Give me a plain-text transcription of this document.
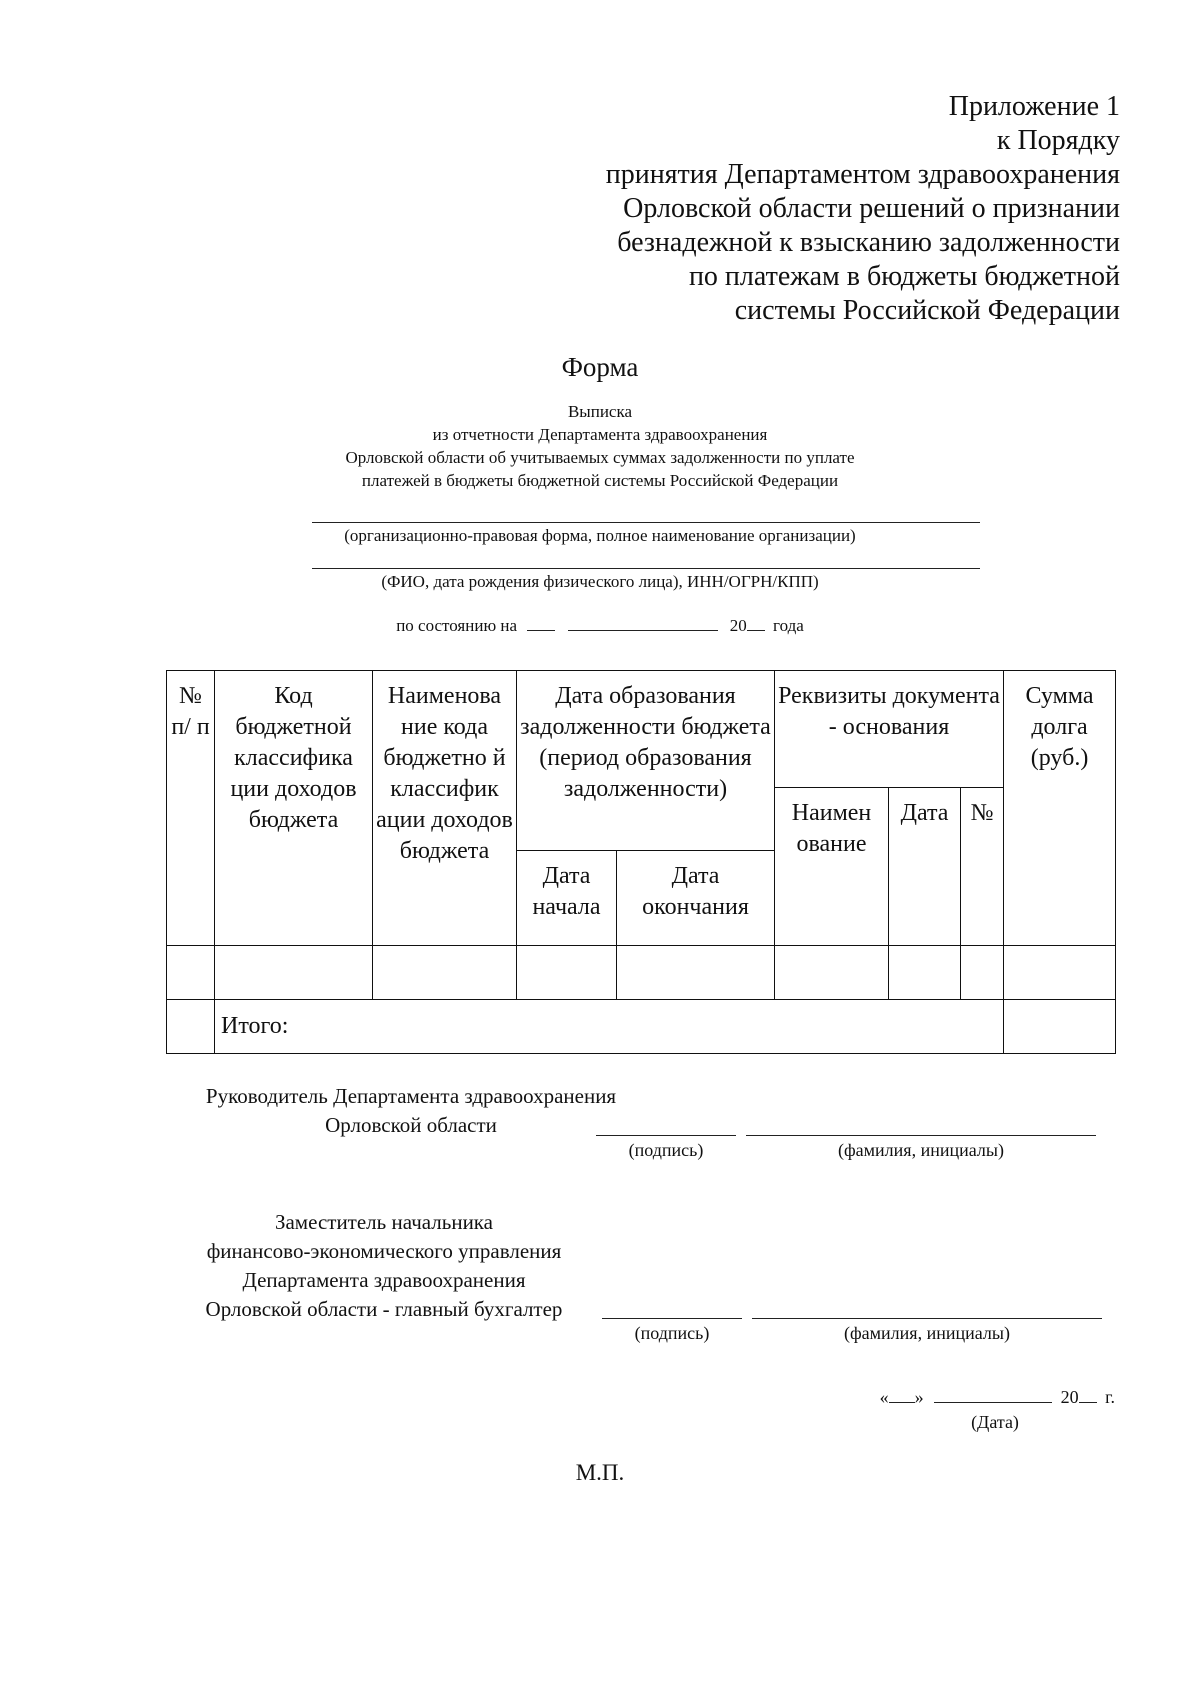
Приложение 1
к Порядку
принятия Департаментом здравоохранения
Орловской области решений о признании
безнадежной к взысканию задолженности
по платежам в бюджеты бюджетной
системы Российской Федерации
Форма
Выписка
из отчетности Департамента здравоохранения
Орловской области об учитываемых суммах задолженности по уплате
платежей в бюджеты бюджетной системы Российской Федерации
(организационно-правовая форма, полное наименование организации)
(ФИО, дата рождения физического лица), ИНН/ОГРН/КПП)
по состоянию на	20 года
№ п/ п	Код бюджетной классифика ции доходов бюджета	Наименова ние кода бюджетно й классифик ации доходов бюджета	Дата образования задолженности бюджета (период образования задолженности)		Реквизиты документа - основания			Сумма долга (руб.)
					Наимен ование	Дата	№	
			Дата начала	Дата окончания				

	Итого:							
Руководитель Департамента здравоохранения
Орловской области
(подпись)	(фамилия, инициалы)
Заместитель начальника
финансово-экономического управления
Департамента здравоохранения
Орловской области - главный бухгалтер
(подпись)	(фамилия, инициалы)
« »	20 г.
(Дата)
М.П.
